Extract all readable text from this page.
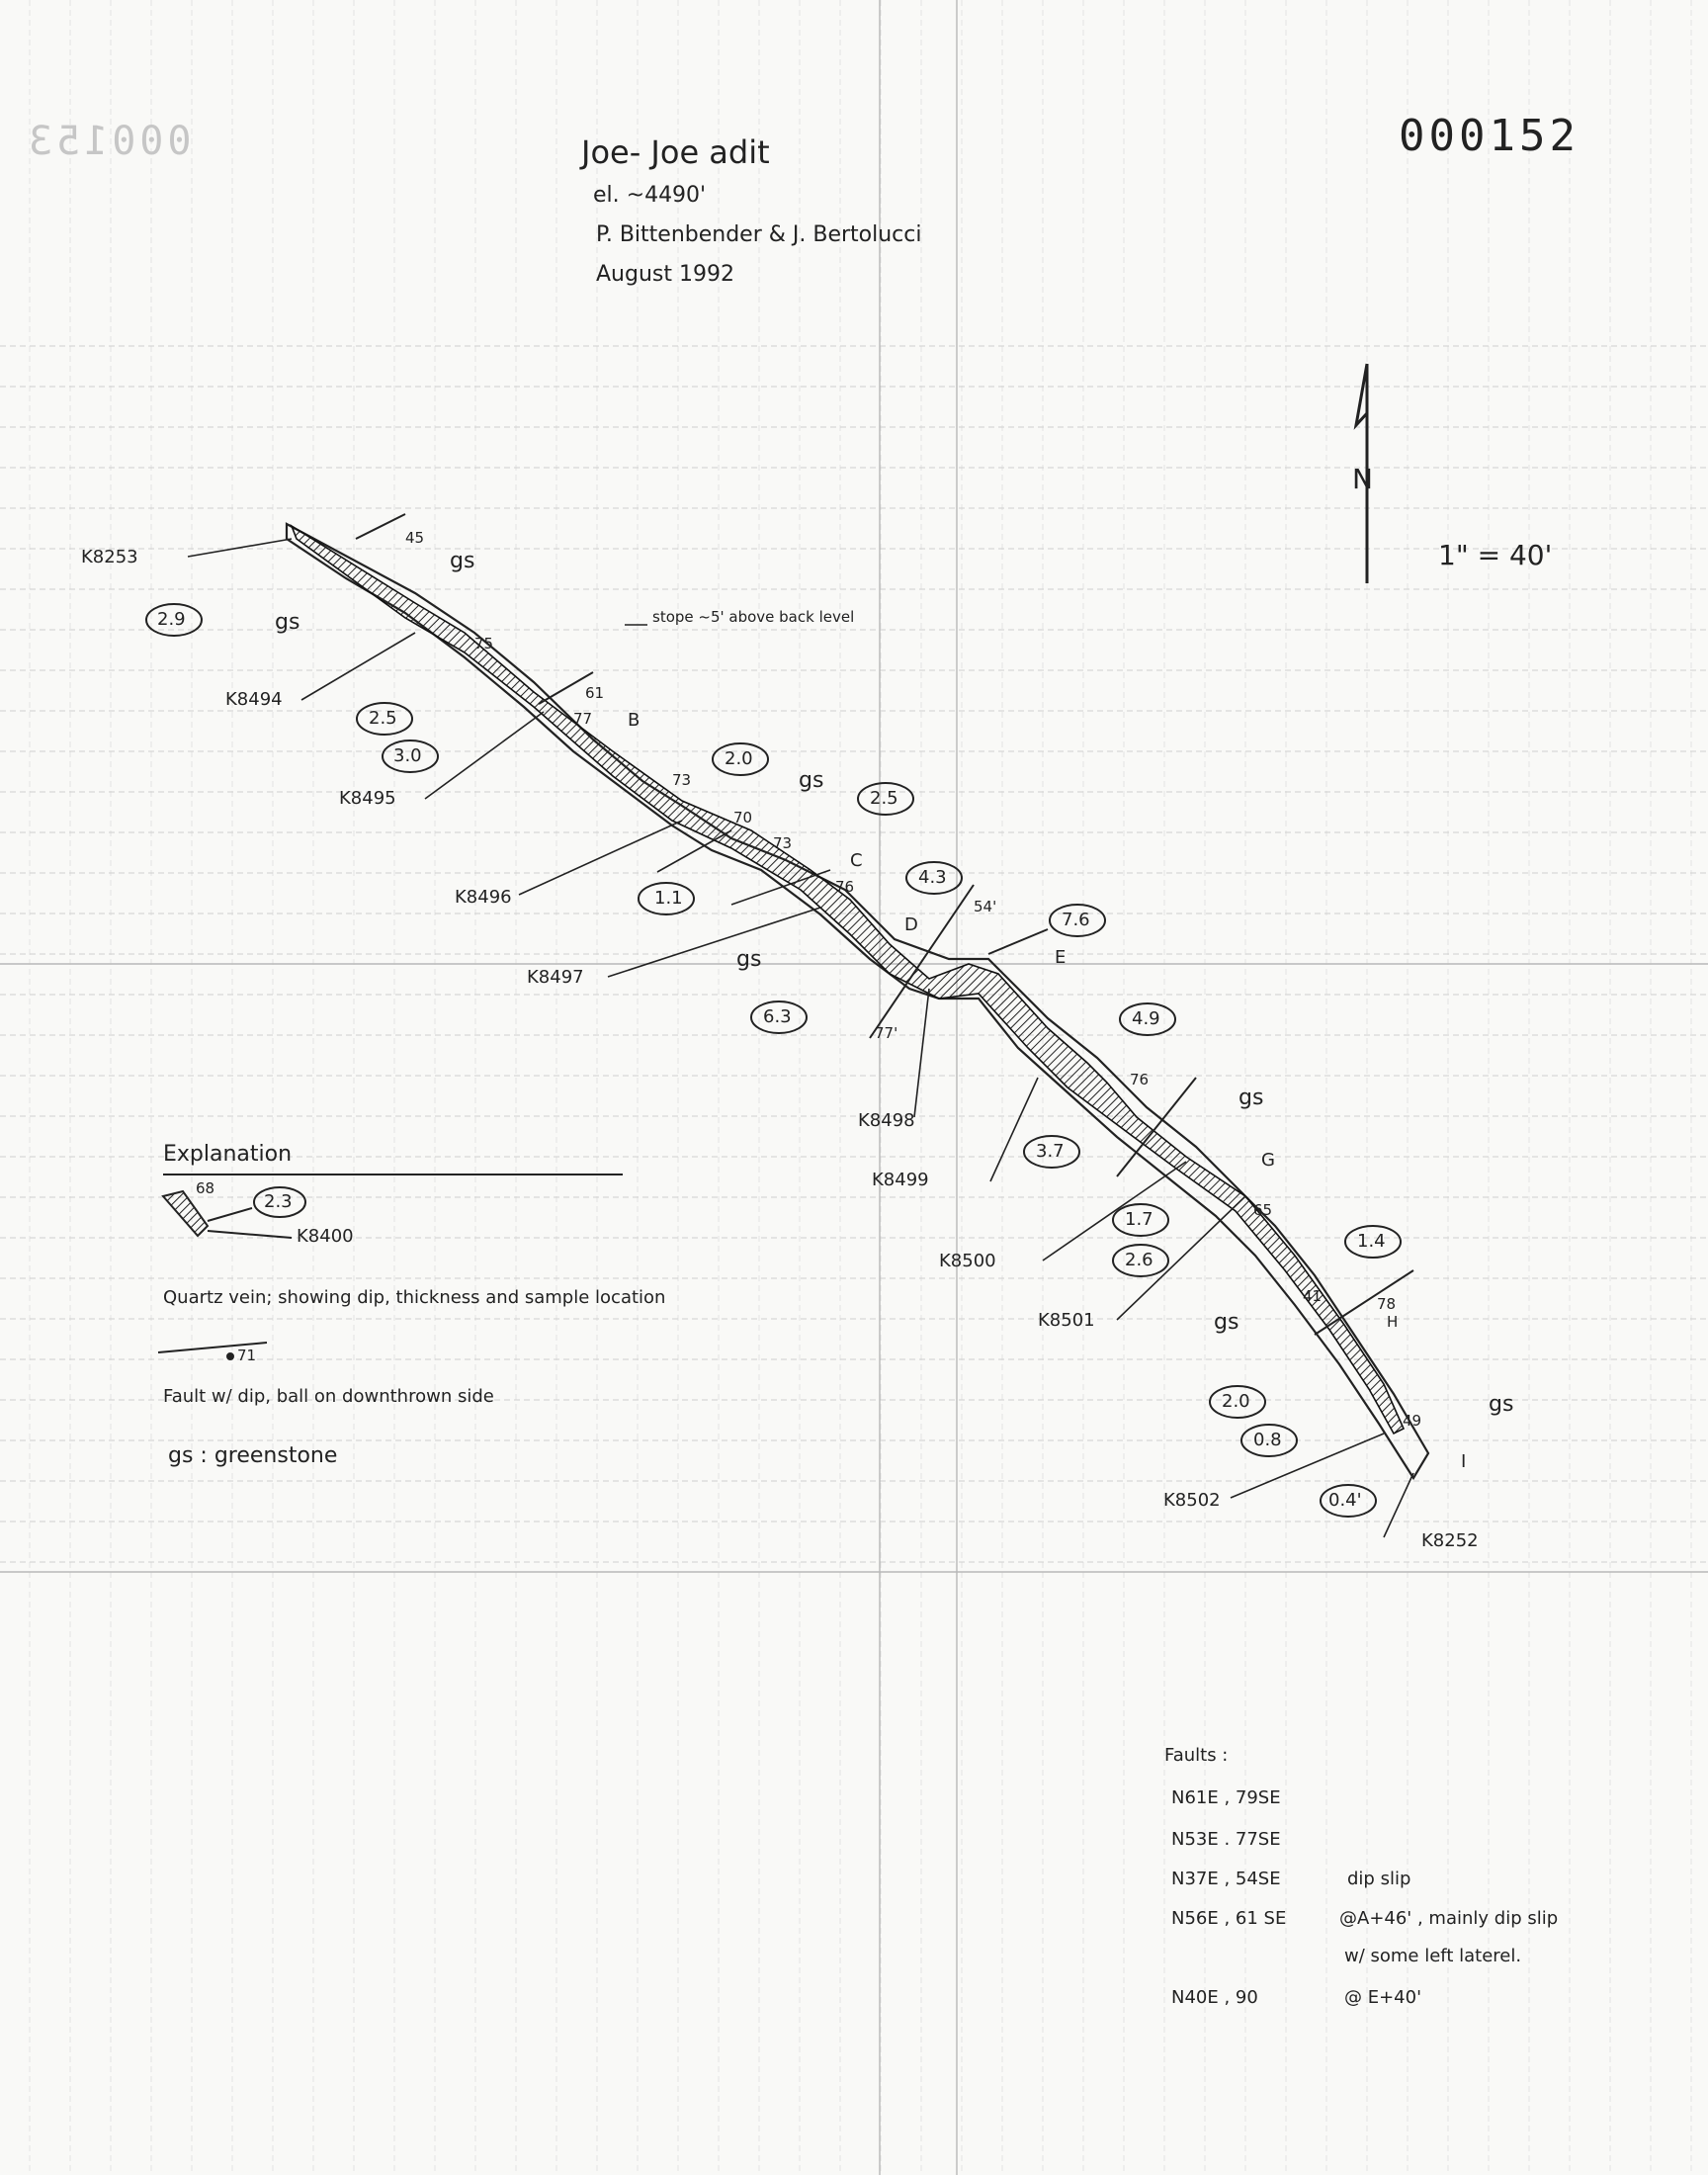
000152
000153	Joe- Joe adit
el. ~4490'
P. Bittenbender & J. Bertolucci
August 1992
N
1" = 40'
stope ~5' above back level
B
C
D
E
G
H
I
gs
gs
gs
gs
gs
gs
gs
K8253
K8494
K8495
K8496
K8497
K8498
K8499
K8500
K8501
K8502
K8252
2.9
2.5
3.0	2.0
2.5
1.1
4.3
7.6
6.3	4.9
3.7
1.7
2.6
1.4
2.0
0.8
0.4'
45
75
61
77
73
70
73
76
54'
77'
76
65
41	78
49
Explanation
68
2.3
K8400
Quartz vein; showing dip, thickness and sample location
71
Fault w/ dip, ball on downthrown side
gs : greenstone
Faults :
N61E , 79SE
N53E . 77SE
N37E , 54SE	dip slip
N56E , 61 SE	@A+46' , mainly dip slip
w/ some left laterel.
N40E , 90	@ E+40'
